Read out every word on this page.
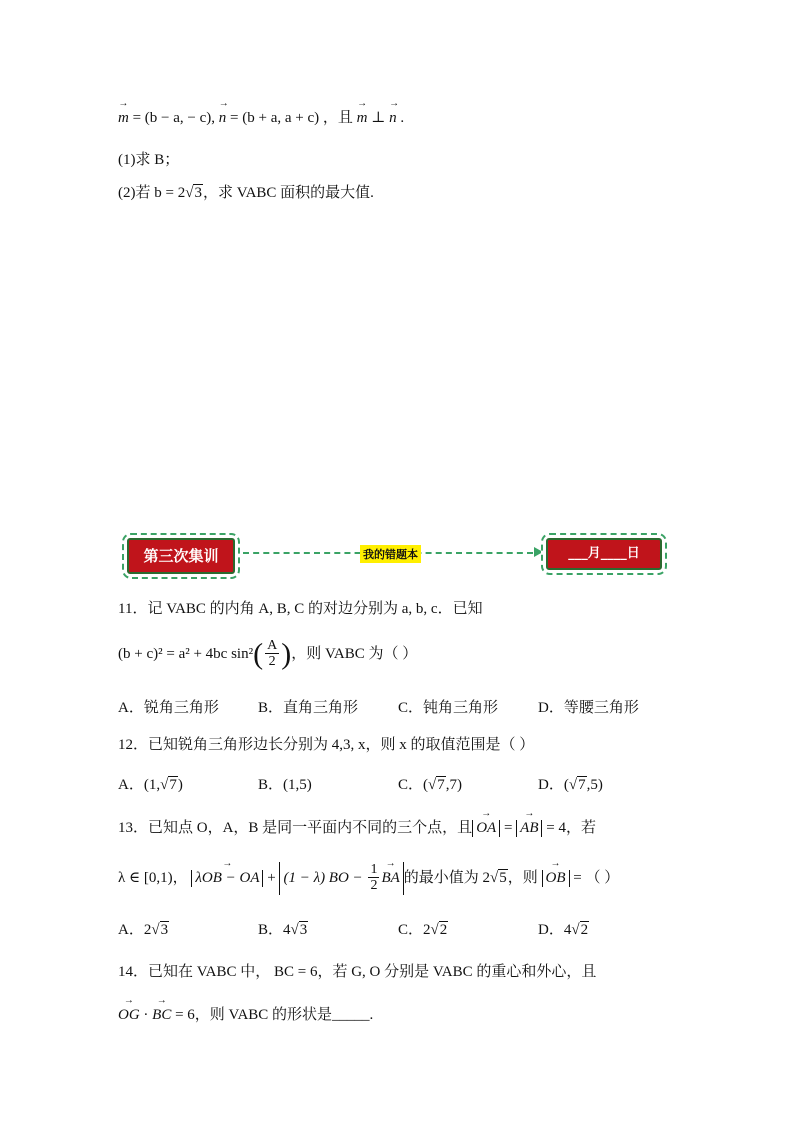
→ m = (b − a, − c), → n = (b + a, a + c) ，且 → m ⊥ → n .
(1)求 B；
(2)若 b = 2√3，求 VABC 面积的最大值.
第三次集训	我的错题本	___月____日
11．记 VABC 的内角 A, B, C 的对边分别为 a, b, c．已知
(b + c)² = a² + 4bc $\sin^2( \frac{A}{2}$ )，则 VABC 为（ ）
A．锐角三角形	B．直角三角形	C．钝角三角形	D．等腰三角形
12．已知锐角三角形边长分别为 4,3, x，则 x 的取值范围是（ ）
A．(1,√7)	B．(1,5)	C．(√7,7)	D．(√7,5)
13．已知点 O，A，B 是同一平面内不同的三个点，且 → OA = → AB = 4，若
λ ∈ [0,1)， → λOB − OA + (1 − λ) BO − $\frac{1}{2}$ → BA 的最小值为 2√5，则 → OB = （ ）
A．2√3	B．4√3	C．2√2	D．4√2
14．已知在 VABC 中， BC = 6，若 G, O 分别是 VABC 的重心和外心，且
→ OG · → BC = 6，则 VABC 的形状是_____.
